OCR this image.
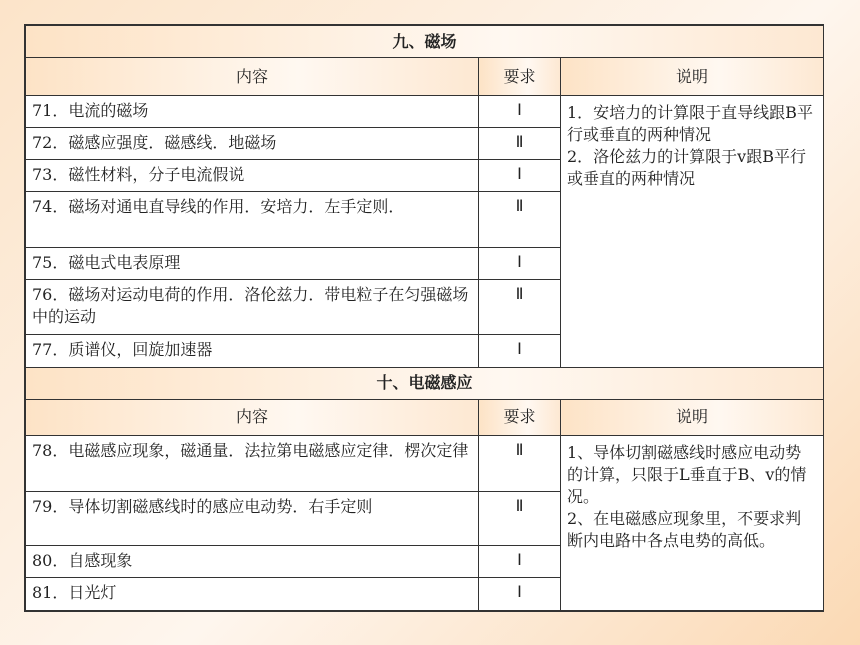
九、磁场		
内容	要求	说明
71．电流的磁场	Ⅰ	1．安培力的计算限于直导线跟B平行或垂直的两种情况
2．洛伦兹力的计算限于v跟B平行或垂直的两种情况

72．磁感应强度．磁感线．地磁场	Ⅱ	
73．磁性材料，分子电流假说	Ⅰ	
74．磁场对通电直导线的作用．安培力．左手定则．	Ⅱ	
75．磁电式电表原理	Ⅰ	
76．磁场对运动电荷的作用．洛伦兹力．带电粒子在匀强磁场中的运动	Ⅱ	
77．质谱仪，回旋加速器	Ⅰ	
十、电磁感应		
内容	要求	说明
78．电磁感应现象，磁通量．法拉第电磁感应定律．楞次定律	Ⅱ	1、导体切割磁感线时感应电动势的计算，只限于L垂直于B、v的情况。
2、在电磁感应现象里，不要求判断内电路中各点电势的高低。

79．导体切割磁感线时的感应电动势．右手定则	Ⅱ	
80．自感现象	Ⅰ	
81．日光灯	Ⅰ	
